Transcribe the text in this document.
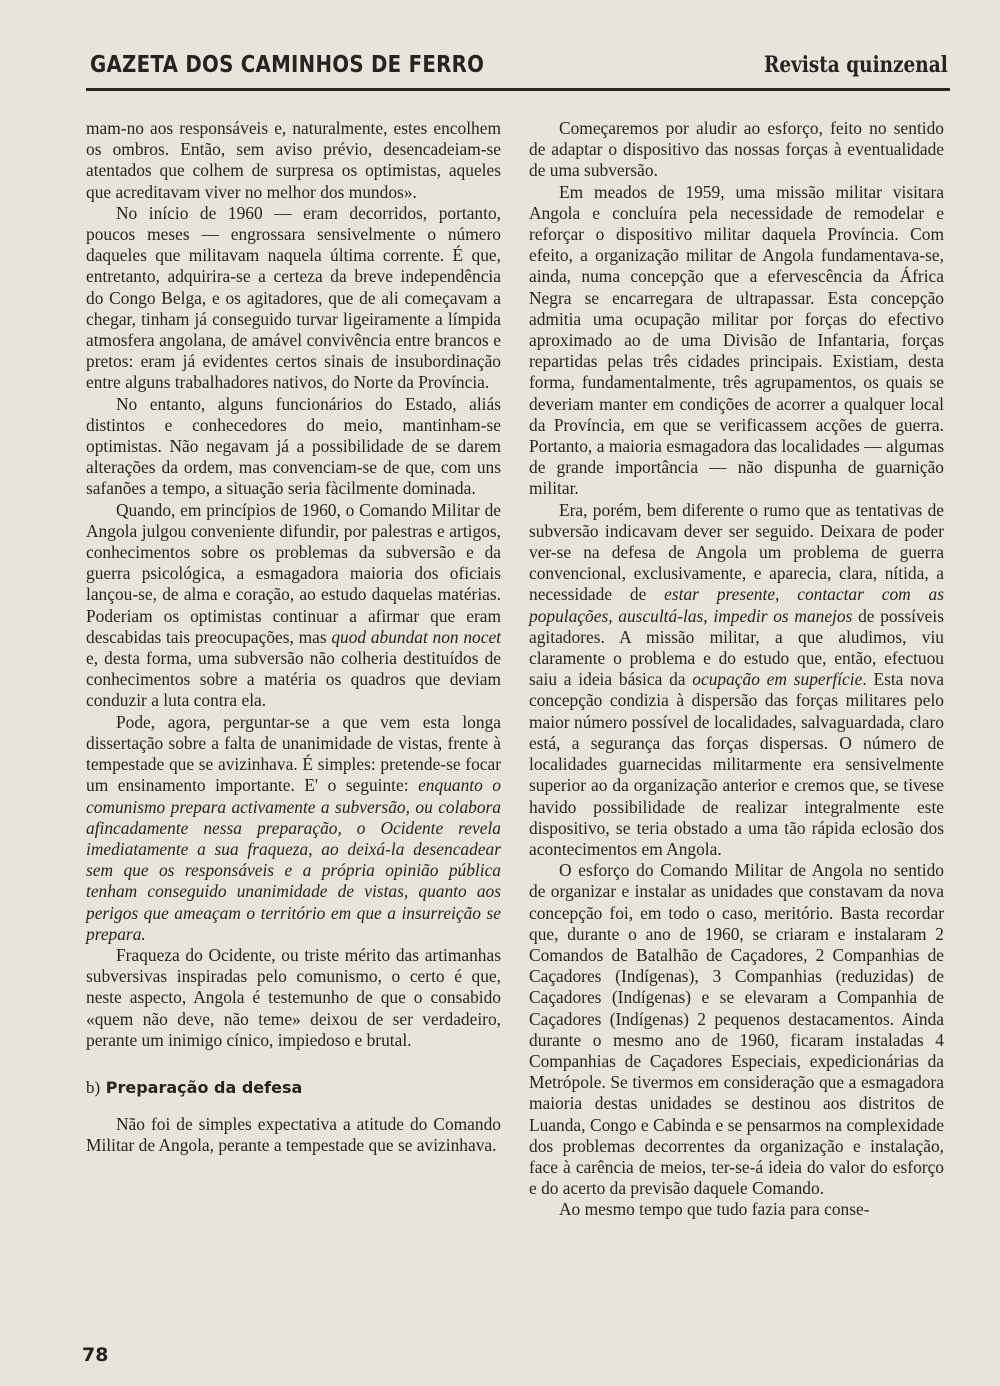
GAZETA DOS CAMINHOS DE FERRO	Revista quinzenal

mam-no aos responsáveis e, naturalmente, estes encolhem os ombros. Então, sem aviso prévio, desencadeiam-se atentados que colhem de surpresa os optimistas, aqueles que acreditavam viver no melhor dos mundos».

No início de 1960 — eram decorridos, portanto, poucos meses — engrossara sensivelmente o número daqueles que militavam naquela última corrente. É que, entretanto, adquirira-se a certeza da breve independência do Congo Belga, e os agitadores, que de ali começavam a chegar, tinham já conseguido turvar ligeiramente a límpida atmosfera angolana, de amável convivência entre brancos e pretos: eram já evidentes certos sinais de insubordinação entre alguns trabalhadores nativos, do Norte da Província.

No entanto, alguns funcionários do Estado, aliás distintos e conhecedores do meio, mantinham-se optimistas. Não negavam já a possibilidade de se darem alterações da ordem, mas convenciam-se de que, com uns safanões a tempo, a situação seria fàcilmente dominada.

Quando, em princípios de 1960, o Comando Militar de Angola julgou conveniente difundir, por palestras e artigos, conhecimentos sobre os problemas da subversão e da guerra psicológica, a esmagadora maioria dos oficiais lançou-se, de alma e coração, ao estudo daquelas matérias. Poderiam os optimistas continuar a afirmar que eram descabidas tais preocupações, mas quod abundat non nocet e, desta forma, uma subversão não colheria destituídos de conhecimentos sobre a matéria os quadros que deviam conduzir a luta contra ela.

Pode, agora, perguntar-se a que vem esta longa dissertação sobre a falta de unanimidade de vistas, frente à tempestade que se avizinhava. É simples: pretende-se focar um ensinamento importante. E' o seguinte: enquanto o comunismo prepara activamente a subversão, ou colabora afincadamente nessa preparação, o Ocidente revela imediatamente a sua fraqueza, ao deixá-la desencadear sem que os responsáveis e a própria opinião pública tenham conseguido unanimidade de vistas, quanto aos perigos que ameaçam o território em que a insurreição se prepara.

Fraqueza do Ocidente, ou triste mérito das artimanhas subversivas inspiradas pelo comunismo, o certo é que, neste aspecto, Angola é testemunho de que o consabido «quem não deve, não teme» deixou de ser verdadeiro, perante um inimigo cínico, impiedoso e brutal.

b) Preparação da defesa

Não foi de simples expectativa a atitude do Comando Militar de Angola, perante a tempestade que se avizinhava.

Começaremos por aludir ao esforço, feito no sentido de adaptar o dispositivo das nossas forças à eventualidade de uma subversão.

Em meados de 1959, uma missão militar visitara Angola e concluíra pela necessidade de remodelar e reforçar o dispositivo militar daquela Província. Com efeito, a organização militar de Angola fundamentava-se, ainda, numa concepção que a efervescência da África Negra se encarregara de ultrapassar. Esta concepção admitia uma ocupação militar por forças do efectivo aproximado ao de uma Divisão de Infantaria, forças repartidas pelas três cidades principais. Existiam, desta forma, fundamentalmente, três agrupamentos, os quais se deveriam manter em condições de acorrer a qualquer local da Província, em que se verificassem acções de guerra. Portanto, a maioria esmagadora das localidades — algumas de grande importância — não dispunha de guarnição militar.

Era, porém, bem diferente o rumo que as tentativas de subversão indicavam dever ser seguido. Deixara de poder ver-se na defesa de Angola um problema de guerra convencional, exclusivamente, e aparecia, clara, nítida, a necessidade de estar presente, contactar com as populações, auscultá-las, impedir os manejos de possíveis agitadores. A missão militar, a que aludimos, viu claramente o problema e do estudo que, então, efectuou saiu a ideia básica da ocupação em superfície. Esta nova concepção condizia à dispersão das forças militares pelo maior número possível de localidades, salvaguardada, claro está, a segurança das forças dispersas. O número de localidades guarnecidas militarmente era sensivelmente superior ao da organização anterior e cremos que, se tivese havido possibilidade de realizar integralmente este dispositivo, se teria obstado a uma tão rápida eclosão dos acontecimentos em Angola.

O esforço do Comando Militar de Angola no sentido de organizar e instalar as unidades que constavam da nova concepção foi, em todo o caso, meritório. Basta recordar que, durante o ano de 1960, se criaram e instalaram 2 Comandos de Batalhão de Caçadores, 2 Companhias de Caçadores (Indígenas), 3 Companhias (reduzidas) de Caçadores (Indígenas) e se elevaram a Companhia de Caçadores (Indígenas) 2 pequenos destacamentos. Ainda durante o mesmo ano de 1960, ficaram instaladas 4 Companhias de Caçadores Especiais, expedicionárias da Metrópole. Se tivermos em consideração que a esmagadora maioria destas unidades se destinou aos distritos de Luanda, Congo e Cabinda e se pensarmos na complexidade dos problemas decorrentes da organização e instalação, face à carência de meios, ter-se-á ideia do valor do esforço e do acerto da previsão daquele Comando.

Ao mesmo tempo que tudo fazia para conse-

78
